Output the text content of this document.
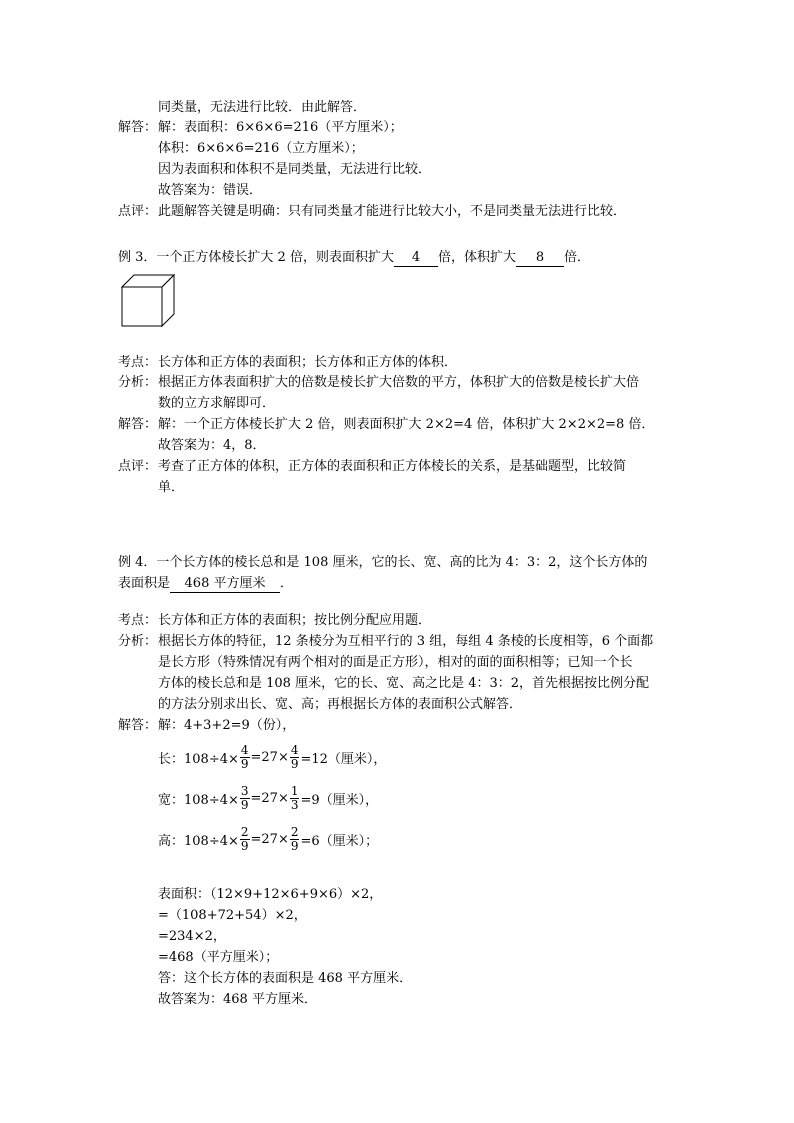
同类量，无法进行比较．由此解答．
解答： 解：表面积：6×6×6=216（平方厘米）；
体积：6×6×6=216（立方厘米）；
因为表面积和体积不是同类量，无法进行比较．
故答案为：错误．
点评： 此题解答关键是明确：只有同类量才能进行比较大小，不是同类量无法进行比较．
例 3．一个正方体棱长扩大 2 倍，则表面积扩大 4 倍，体积扩大 8 倍．
考点： 长方体和正方体的表面积；长方体和正方体的体积．
分析： 根据正方体表面积扩大的倍数是棱长扩大倍数的平方，体积扩大的倍数是棱长扩大倍
数的立方求解即可．
解答： 解：一个正方体棱长扩大 2 倍，则表面积扩大 2×2=4 倍，体积扩大 2×2×2=8 倍．
故答案为：4，8．
点评： 考查了正方体的体积，正方体的表面积和正方体棱长的关系，是基础题型，比较简
单．
例 4．一个长方体的棱长总和是 108 厘米，它的长、宽、高的比为 4：3：2，这个长方体的
表面积是 468 平方厘米 ．
考点： 长方体和正方体的表面积；按比例分配应用题．
分析： 根据长方体的特征，12 条棱分为互相平行的 3 组，每组 4 条棱的长度相等，6 个面都
是长方形（特殊情况有两个相对的面是正方形），相对的面的面积相等；已知一个长
方体的棱长总和是 108 厘米，它的长、宽、高之比是 4：3：2，首先根据按比例分配
的方法分别求出长、宽、高；再根据长方体的表面积公式解答．
解答： 解：4+3+2=9（份），
长：$108\div 4\times \frac{4}{9} =27\times \frac{4}{9} =12$（厘米），
宽：$108\div 4\times \frac{3}{9} =27\times \frac{1}{3} =9$（厘米），
高：$108\div 4\times \frac{2}{9} =27\times \frac{2}{9} =6$（厘米）；
表面积：（12×9+12×6+9×6）×2，
=（108+72+54）×2，
=234×2，
=468（平方厘米）；
答：这个长方体的表面积是 468 平方厘米．
故答案为：468 平方厘米．
